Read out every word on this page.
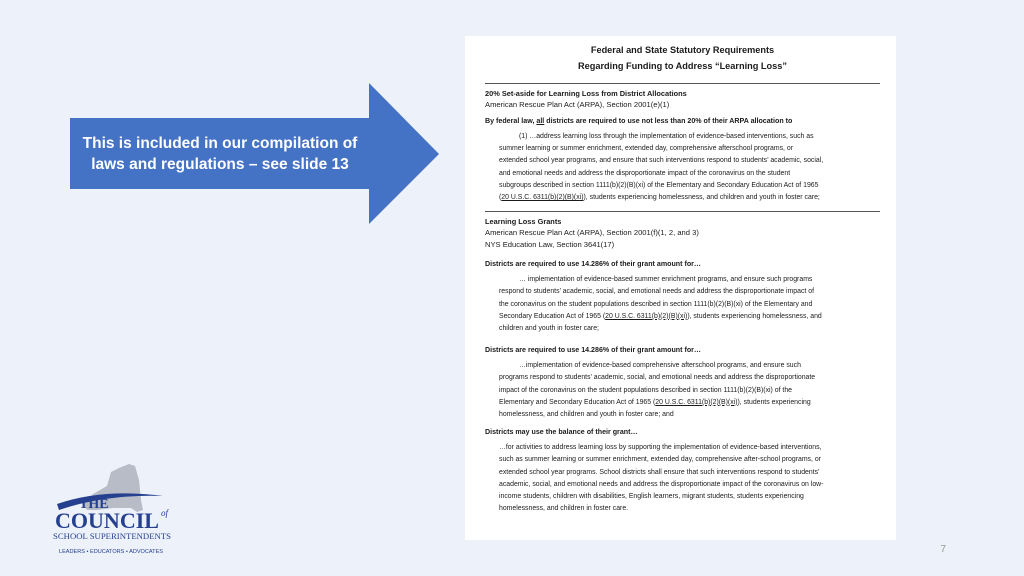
This is included in our compilation of
laws and regulations – see slide 13
Federal and State Statutory Requirements
Regarding Funding to Address “Learning Loss”
20% Set-aside for Learning Loss from District Allocations
American Rescue Plan Act (ARPA), Section 2001(e)(1)
By federal law, all districts are required to use not less than 20% of their ARPA allocation to
(1) …address learning loss through the implementation of evidence-based interventions, such as
summer learning or summer enrichment, extended day, comprehensive afterschool programs, or
extended school year programs, and ensure that such interventions respond to students’ academic, social,
and emotional needs and address the disproportionate impact of the coronavirus on the student
subgroups described in section 1111(b)(2)(B)(xi) of the Elementary and Secondary Education Act of 1965
(20 U.S.C. 6311(b)(2)(B)(xi)), students experiencing homelessness, and children and youth in foster care;
Learning Loss Grants
American Rescue Plan Act (ARPA), Section 2001(f)(1, 2, and 3)
NYS Education Law, Section 3641(17)
Districts are required to use 14.286% of their grant amount for…
… implementation of evidence-based summer enrichment programs, and ensure such programs
respond to students’ academic, social, and emotional needs and address the disproportionate impact of
the coronavirus on the student populations described in section 1111(b)(2)(B)(xi) of the Elementary and
Secondary Education Act of 1965 (20 U.S.C. 6311(b)(2)(B)(xi)), students experiencing homelessness, and
children and youth in foster care;
Districts are required to use 14.286% of their grant amount for…
…implementation of evidence-based comprehensive afterschool programs, and ensure such
programs respond to students’ academic, social, and emotional needs and address the disproportionate
impact of the coronavirus on the student populations described in section 1111(b)(2)(B)(xi) of the
Elementary and Secondary Education Act of 1965 (20 U.S.C. 6311(b)(2)(B)(xi)), students experiencing
homelessness, and children and youth in foster care; and
Districts may use the balance of their grant…
…for activities to address learning loss by supporting the implementation of evidence-based interventions,
such as summer learning or summer enrichment, extended day, comprehensive after-school programs, or
extended school year programs. School districts shall ensure that such interventions respond to students’
academic, social, and emotional needs and address the disproportionate impact of the coronavirus on low-
income students, children with disabilities, English learners, migrant students, students experiencing
homelessness, and children in foster care.
THE
COUNCIL of
SCHOOL SUPERINTENDENTS
LEADERS • EDUCATORS • ADVOCATES	7
